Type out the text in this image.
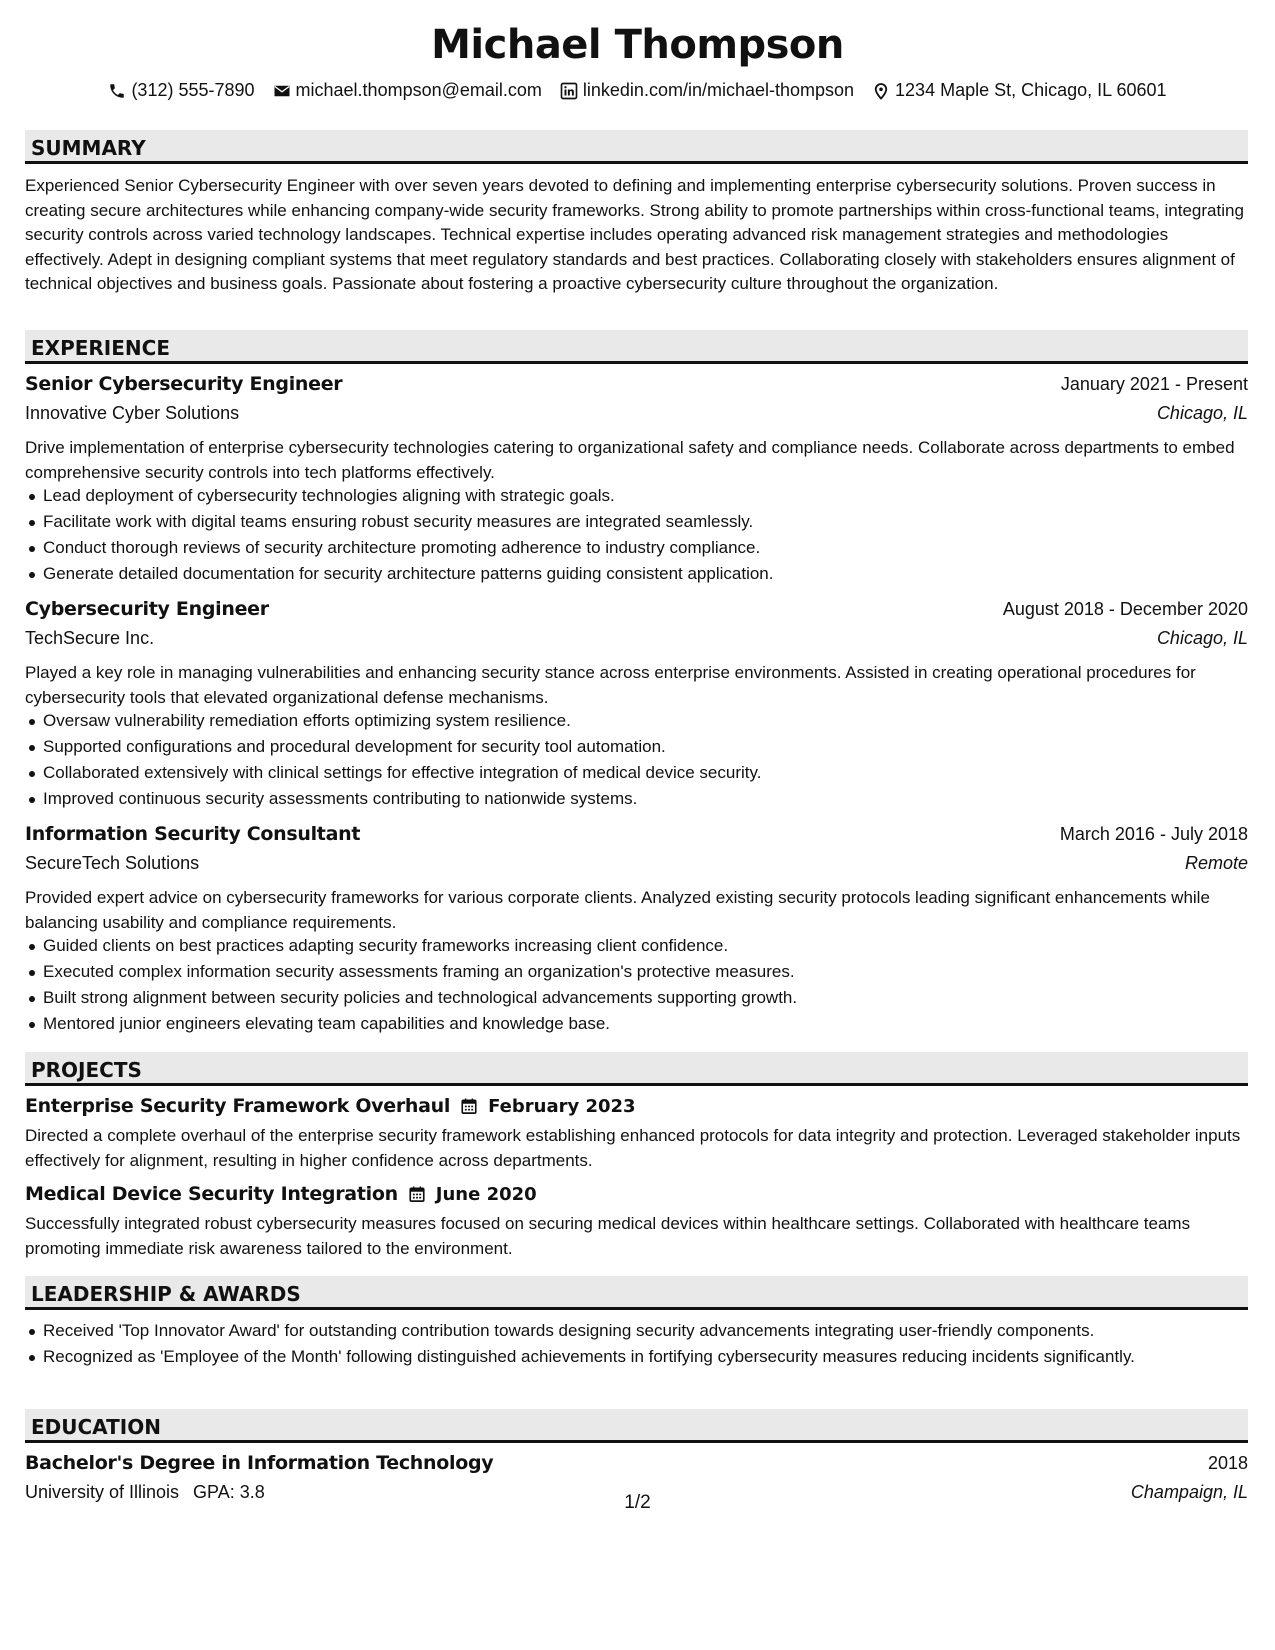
Michael Thompson
(312) 555-7890 michael.thompson@email.com linkedin.com/in/michael-thompson 1234 Maple St, Chicago, IL 60601
SUMMARY
Experienced Senior Cybersecurity Engineer with over seven years devoted to defining and implementing enterprise cybersecurity solutions. Proven success in creating secure architectures while enhancing company-wide security frameworks. Strong ability to promote partnerships within cross-functional teams, integrating security controls across varied technology landscapes. Technical expertise includes operating advanced risk management strategies and methodologies effectively. Adept in designing compliant systems that meet regulatory standards and best practices. Collaborating closely with stakeholders ensures alignment of technical objectives and business goals. Passionate about fostering a proactive cybersecurity culture throughout the organization.
EXPERIENCE
Senior Cybersecurity Engineer	January 2021 - Present
Innovative Cyber Solutions	Chicago, IL
Drive implementation of enterprise cybersecurity technologies catering to organizational safety and compliance needs. Collaborate across departments to embed comprehensive security controls into tech platforms effectively.
Lead deployment of cybersecurity technologies aligning with strategic goals.
Facilitate work with digital teams ensuring robust security measures are integrated seamlessly.
Conduct thorough reviews of security architecture promoting adherence to industry compliance.
Generate detailed documentation for security architecture patterns guiding consistent application.
Cybersecurity Engineer	August 2018 - December 2020
TechSecure Inc.	Chicago, IL
Played a key role in managing vulnerabilities and enhancing security stance across enterprise environments. Assisted in creating operational procedures for cybersecurity tools that elevated organizational defense mechanisms.
Oversaw vulnerability remediation efforts optimizing system resilience.
Supported configurations and procedural development for security tool automation.
Collaborated extensively with clinical settings for effective integration of medical device security.
Improved continuous security assessments contributing to nationwide systems.
Information Security Consultant	March 2016 - July 2018
SecureTech Solutions	Remote
Provided expert advice on cybersecurity frameworks for various corporate clients. Analyzed existing security protocols leading significant enhancements while balancing usability and compliance requirements.
Guided clients on best practices adapting security frameworks increasing client confidence.
Executed complex information security assessments framing an organization's protective measures.
Built strong alignment between security policies and technological advancements supporting growth.
Mentored junior engineers elevating team capabilities and knowledge base.
PROJECTS
Enterprise Security Framework Overhaul February 2023
Directed a complete overhaul of the enterprise security framework establishing enhanced protocols for data integrity and protection. Leveraged stakeholder inputs effectively for alignment, resulting in higher confidence across departments.
Medical Device Security Integration June 2020
Successfully integrated robust cybersecurity measures focused on securing medical devices within healthcare settings. Collaborated with healthcare teams promoting immediate risk awareness tailored to the environment.
LEADERSHIP & AWARDS
Received 'Top Innovator Award' for outstanding contribution towards designing security advancements integrating user-friendly components.
Recognized as 'Employee of the Month' following distinguished achievements in fortifying cybersecurity measures reducing incidents significantly.
EDUCATION
Bachelor's Degree in Information Technology	2018
University of Illinois GPA: 3.8	Champaign, IL
1/2
